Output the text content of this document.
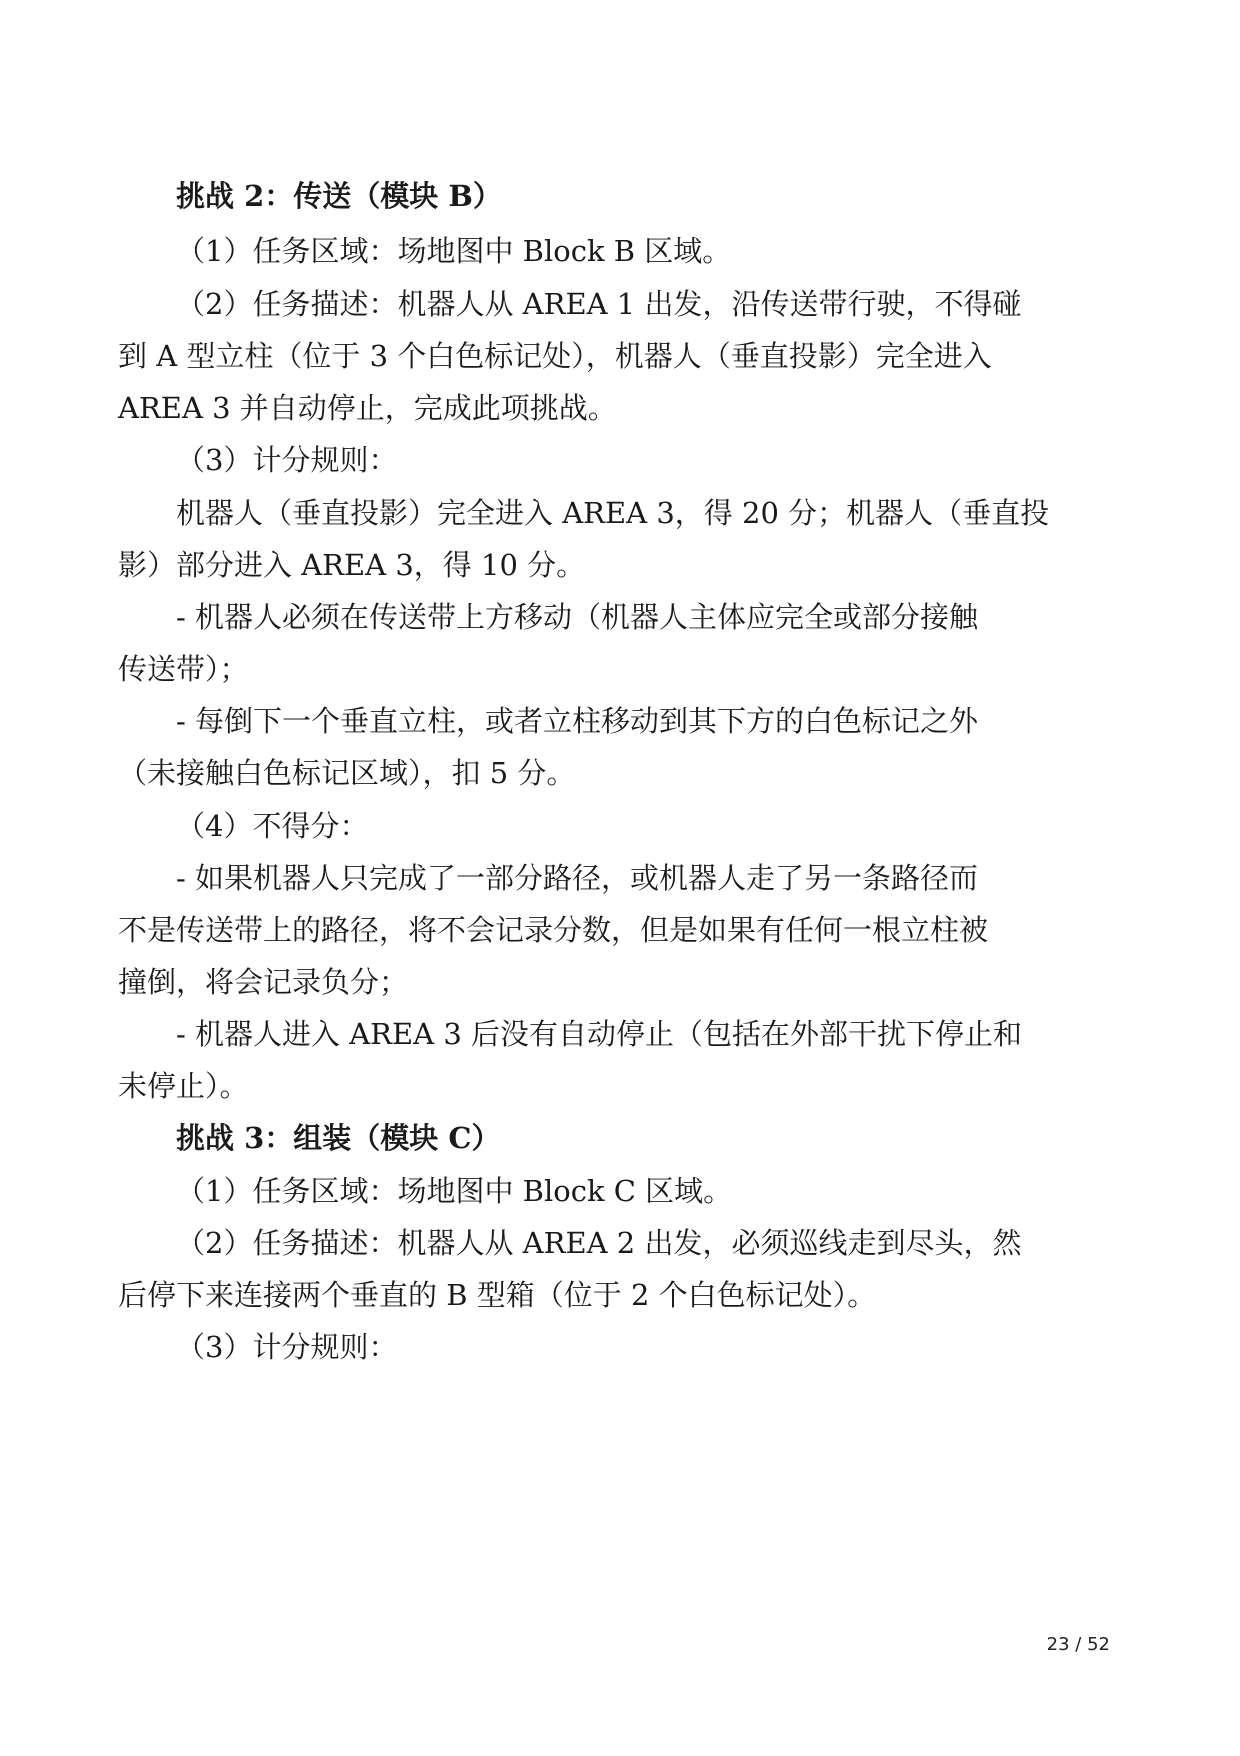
挑战 2：传送（模块 B）
（1）任务区域：场地图中 Block B 区域。
（2）任务描述：机器人从 AREA 1 出发，沿传送带行驶，不得碰
到 A 型立柱（位于 3 个白色标记处），机器人（垂直投影）完全进入
AREA 3 并自动停止，完成此项挑战。
（3）计分规则：
机器人（垂直投影）完全进入 AREA 3，得 20 分；机器人（垂直投
影）部分进入 AREA 3，得 10 分。
- 机器人必须在传送带上方移动（机器人主体应完全或部分接触
传送带）；
- 每倒下一个垂直立柱，或者立柱移动到其下方的白色标记之外
（未接触白色标记区域），扣 5 分。
（4）不得分：
- 如果机器人只完成了一部分路径，或机器人走了另一条路径而
不是传送带上的路径，将不会记录分数，但是如果有任何一根立柱被
撞倒，将会记录负分；
- 机器人进入 AREA 3 后没有自动停止（包括在外部干扰下停止和
未停止）。
挑战 3：组装（模块 C）
（1）任务区域：场地图中 Block C 区域。
（2）任务描述：机器人从 AREA 2 出发，必须巡线走到尽头，然
后停下来连接两个垂直的 B 型箱（位于 2 个白色标记处）。
（3）计分规则：
23 / 52
